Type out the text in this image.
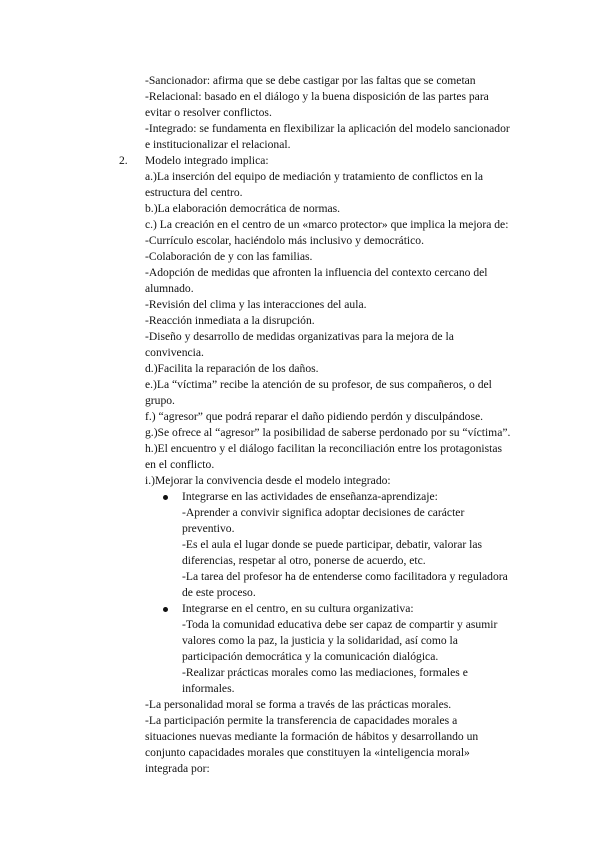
-Sancionador: afirma que se debe castigar por las faltas que se cometan
-Relacional: basado en el diálogo y la buena disposición de las partes para
evitar o resolver conflictos.
-Integrado: se fundamenta en flexibilizar la aplicación del modelo sancionador
e institucionalizar el relacional.
2. Modelo integrado implica:
a.)La inserción del equipo de mediación y tratamiento de conflictos en la
estructura del centro.
b.)La elaboración democrática de normas.
c.) La creación en el centro de un «marco protector» que implica la mejora de:
-Currículo escolar, haciéndolo más inclusivo y democrático.
-Colaboración de y con las familias.
-Adopción de medidas que afronten la influencia del contexto cercano del
alumnado.
-Revisión del clima y las interacciones del aula.
-Reacción inmediata a la disrupción.
-Diseño y desarrollo de medidas organizativas para la mejora de la
convivencia.
d.)Facilita la reparación de los daños.
e.)La “víctima” recibe la atención de su profesor, de sus compañeros, o del
grupo.
f.) “agresor” que podrá reparar el daño pidiendo perdón y disculpándose.
g.)Se ofrece al “agresor” la posibilidad de saberse perdonado por su “víctima”.
h.)El encuentro y el diálogo facilitan la reconciliación entre los protagonistas
en el conflicto.
i.)Mejorar la convivencia desde el modelo integrado:
Integrarse en las actividades de enseñanza-aprendizaje:
-Aprender a convivir significa adoptar decisiones de carácter
preventivo.
-Es el aula el lugar donde se puede participar, debatir, valorar las
diferencias, respetar al otro, ponerse de acuerdo, etc.
-La tarea del profesor ha de entenderse como facilitadora y reguladora
de este proceso.
Integrarse en el centro, en su cultura organizativa:
-Toda la comunidad educativa debe ser capaz de compartir y asumir
valores como la paz, la justicia y la solidaridad, así como la
participación democrática y la comunicación dialógica.
-Realizar prácticas morales como las mediaciones, formales e
informales.
-La personalidad moral se forma a través de las prácticas morales.
-La participación permite la transferencia de capacidades morales a
situaciones nuevas mediante la formación de hábitos y desarrollando un
conjunto capacidades morales que constituyen la «inteligencia moral»
integrada por:
